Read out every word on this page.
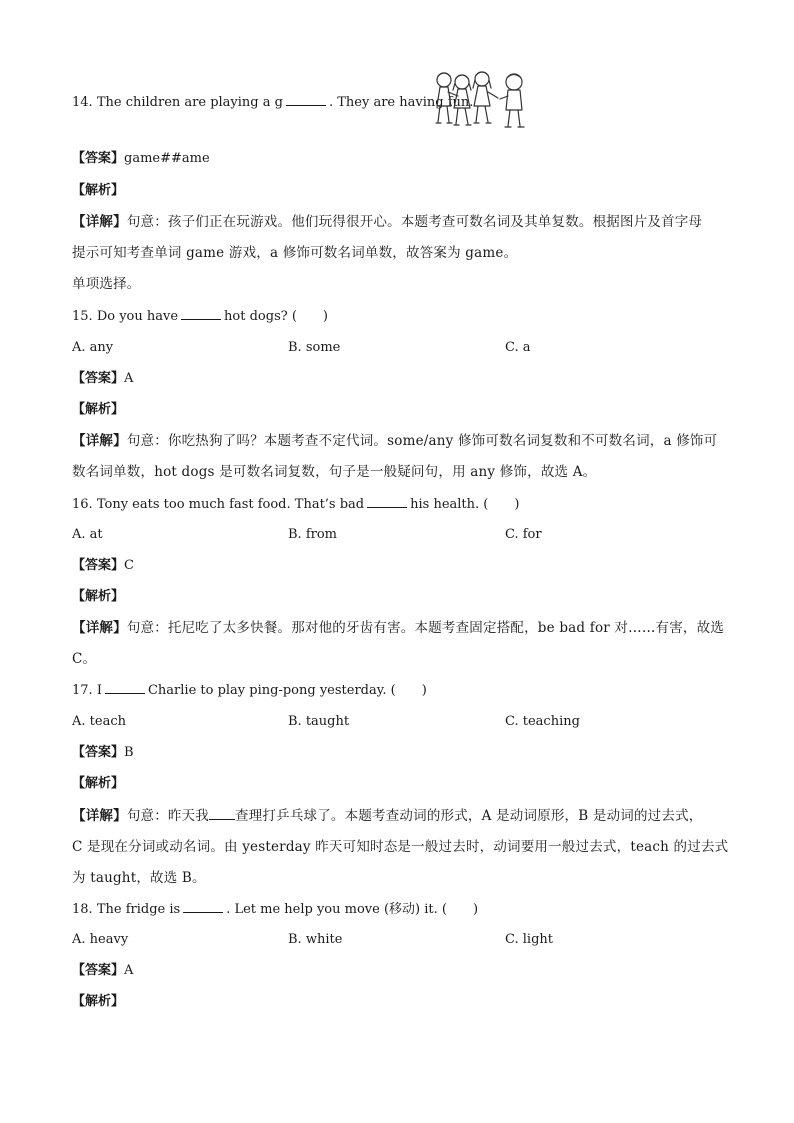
14. The children are playing a g	. They are having fun.
【答案】game##ame
【解析】
【详解】句意：孩子们正在玩游戏。他们玩得很开心。本题考查可数名词及其单复数。根据图片及首字母
提示可知考查单词 game 游戏，a 修饰可数名词单数，故答案为 game。
单项选择。
15. Do you have	hot dogs? ( )
A. any	B. some	C. a
【答案】A
【解析】
【详解】句意：你吃热狗了吗？本题考查不定代词。some/any 修饰可数名词复数和不可数名词，a 修饰可
数名词单数，hot dogs 是可数名词复数，句子是一般疑问句，用 any 修饰，故选 A。
16. Tony eats too much fast food. That’s bad	his health. ( )
A. at	B. from	C. for
【答案】C
【解析】
【详解】句意：托尼吃了太多快餐。那对他的牙齿有害。本题考查固定搭配，be bad for 对……有害，故选
C。
17. I	Charlie to play ping-pong yesterday. ( )
A. teach	B. taught	C. teaching
【答案】B
【解析】
【详解】句意：昨天我 查理打乒乓球了。本题考查动词的形式，A 是动词原形，B 是动词的过去式，
C 是现在分词或动名词。由 yesterday 昨天可知时态是一般过去时，动词要用一般过去式，teach 的过去式
为 taught，故选 B。
18. The fridge is	. Let me help you move (移动) it. ( )
A. heavy	B. white	C. light
【答案】A
【解析】
